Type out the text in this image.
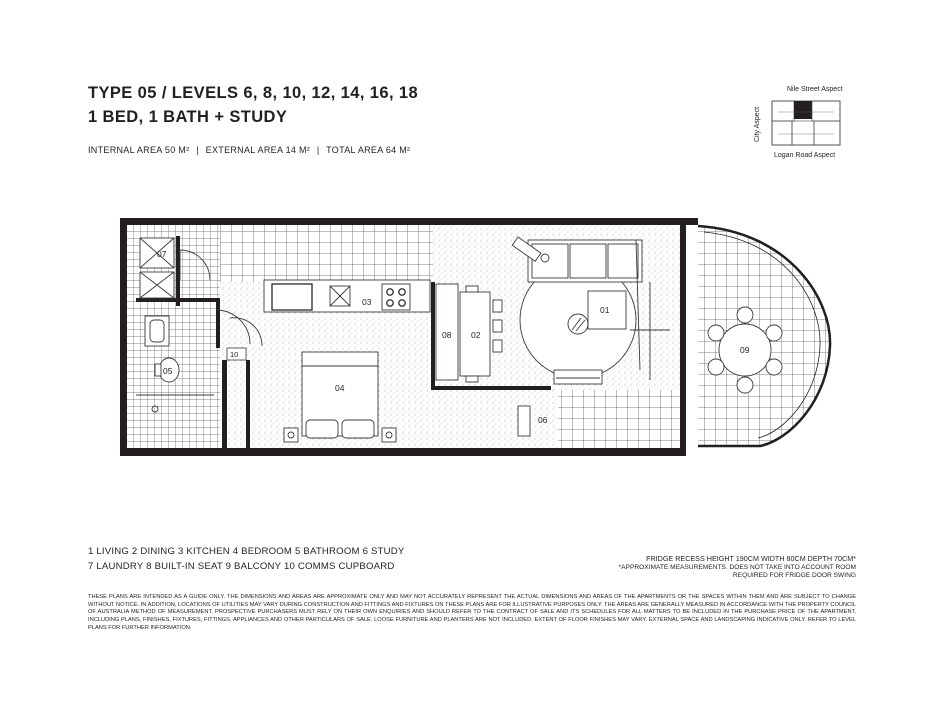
TYPE 05 / LEVELS 6, 8, 10, 12, 14, 16, 18
1 BED, 1 BATH + STUDY
INTERNAL AREA 50 M² | EXTERNAL AREA 14 M² | TOTAL AREA 64 M²
01
02
03
04
05
06
07
08
09
10
Nile Street Aspect
City Aspect
Logan Road Aspect
1 LIVING 2 DINING 3 KITCHEN 4 BEDROOM 5 BATHROOM 6 STUDY
7 LAUNDRY 8 BUILT-IN SEAT 9 BALCONY 10 COMMS CUPBOARD
FRIDGE RECESS HEIGHT 190CM WIDTH 80CM DEPTH 70CM*
*APPROXIMATE MEASUREMENTS. DOES NOT TAKE INTO ACCOUNT ROOM
REQUIRED FOR FRIDGE DOOR SWING
THESE PLANS ARE INTENDED AS A GUIDE ONLY. THE DIMENSIONS AND AREAS ARE APPROXIMATE ONLY AND MAY NOT ACCURATELY REPRESENT THE ACTUAL DIMENSIONS AND AREAS OF THE APARTMENTS OR THE SPACES WITHIN THEM AND ARE SUBJECT TO CHANGE WITHOUT NOTICE. IN ADDITION, LOCATIONS OF UTILITIES MAY VARY DURING CONSTRUCTION AND FITTINGS AND FIXTURES ON THESE PLANS ARE FOR ILLUSTRATIVE PURPOSES ONLY. THE AREAS ARE GENERALLY MEASURED IN ACCORDANCE WITH THE PROPERTY COUNCIL OF AUSTRALIA METHOD OF MEASUREMENT. PROSPECTIVE PURCHASERS MUST RELY ON THEIR OWN ENQUIRIES AND SHOULD REFER TO THE CONTRACT OF SALE AND ITS SCHEDULES FOR ALL MATTERS TO BE INCLUDED IN THE PURCHASE PRICE OF THE APARTMENT, INCLUDING PLANS, FINISHES, FIXTURES, FITTINGS, APPLIANCES AND OTHER PARTICULARS OF SALE. LOOSE FURNITURE AND PLANTERS ARE NOT INCLUDED. EXTENT OF FLOOR FINISHES MAY VARY. EXTERNAL SPACE AND LANDSCAPING INDICATIVE ONLY. REFER TO LEVEL PLANS FOR FURTHER INFORMATION.
